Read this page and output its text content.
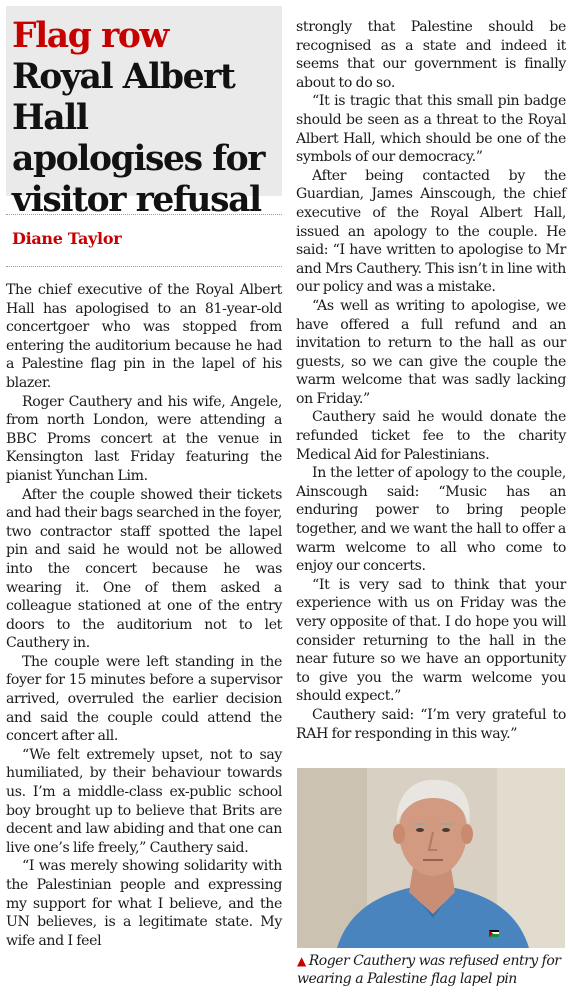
Flag row Royal Albert Hall apologises for visitor refusal
Diane Taylor

The chief executive of the Royal Albert Hall has apologised to an 81-year-old concertgoer who was stopped from entering the auditorium because he had a Palestine flag pin in the lapel of his blazer.

Roger Cauthery and his wife, Angele, from north London, were attending a BBC Proms concert at the venue in Kensington last Friday featuring the pianist Yunchan Lim.

After the couple showed their tickets and had their bags searched in the foyer, two contractor staff spotted the lapel pin and said he would not be allowed into the concert because he was wearing it. One of them asked a colleague stationed at one of the entry doors to the auditorium not to let Cauthery in.

The couple were left standing in the foyer for 15 minutes before a supervisor arrived, overruled the earlier decision and said the couple could attend the concert after all.

“We felt extremely upset, not to say humiliated, by their behaviour towards us. I’m a middle-class ex-public school boy brought up to believe that Brits are decent and law abiding and that one can live one’s life freely,” Cauthery said.

“I was merely showing solidarity with the Palestinian people and expressing my support for what I believe, and the UN believes, is a legitimate state. My wife and I feel

strongly that Palestine should be recognised as a state and indeed it seems that our government is finally about to do so.

“It is tragic that this small pin badge should be seen as a threat to the Royal Albert Hall, which should be one of the symbols of our democracy.”

After being contacted by the Guardian, James Ainscough, the chief executive of the Royal Albert Hall, issued an apology to the couple. He said: “I have written to apologise to Mr and Mrs Cauthery. This isn’t in line with our policy and was a mistake.

“As well as writing to apologise, we have offered a full refund and an invitation to return to the hall as our guests, so we can give the couple the warm welcome that was sadly lacking on Friday.”

Cauthery said he would donate the refunded ticket fee to the charity Medical Aid for Palestinians.

In the letter of apology to the couple, Ainscough said: “Music has an enduring power to bring people together, and we want the hall to offer a warm welcome to all who come to enjoy our concerts.

“It is very sad to think that your experience with us on Friday was the very opposite of that. I do hope you will consider returning to the hall in the near future so we have an opportunity to give you the warm welcome you should expect.”

Cauthery said: “I’m very grateful to RAH for responding in this way.”

▲ Roger Cauthery was refused entry for wearing a Palestine flag lapel pin
